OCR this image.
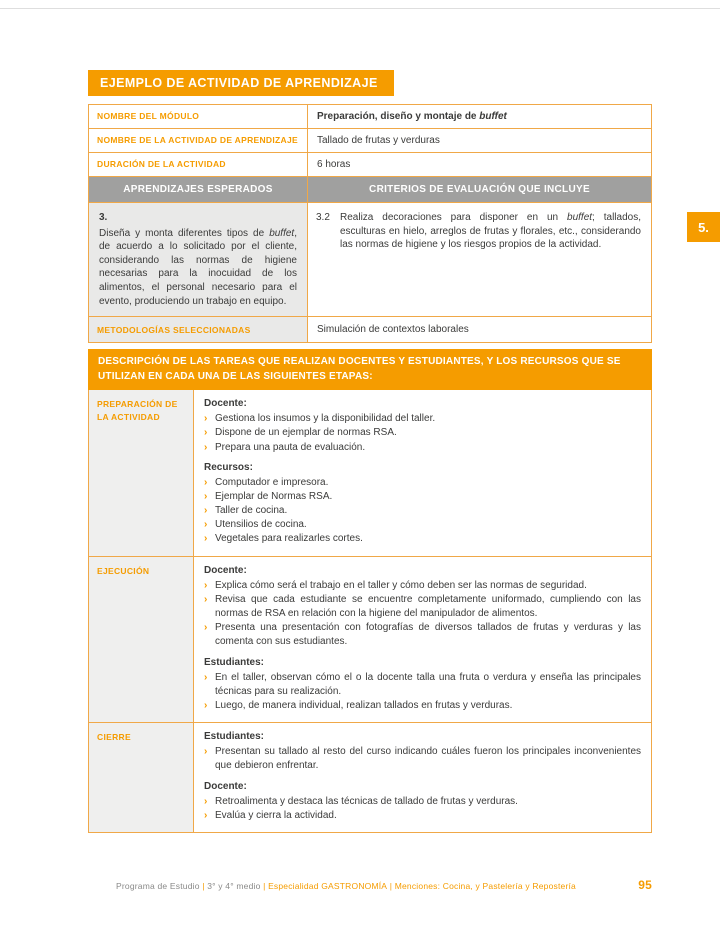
5.
EJEMPLO DE ACTIVIDAD DE APRENDIZAJE
NOMBRE DEL MÓDULO	Preparación, diseño y montaje de buffet
NOMBRE DE LA ACTIVIDAD DE APRENDIZAJE	Tallado de frutas y verduras
DURACIÓN DE LA ACTIVIDAD	6 horas
APRENDIZAJES ESPERADOS	CRITERIOS DE EVALUACIÓN QUE INCLUYE
3.
Diseña y monta diferentes tipos de buffet, de acuerdo a lo solicitado por el cliente, considerando las normas de higiene necesarias para la inocuidad de los alimentos, el personal necesario para el evento, produciendo un trabajo en equipo.
3.2	Realiza decoraciones para disponer en un buffet; tallados, esculturas en hielo, arreglos de frutas y florales, etc., considerando las normas de higiene y los riesgos propios de la actividad.
METODOLOGÍAS SELECCIONADAS	Simulación de contextos laborales
DESCRIPCIÓN DE LAS TAREAS QUE REALIZAN DOCENTES Y ESTUDIANTES, Y LOS RECURSOS QUE SE UTILIZAN EN CADA UNA DE LAS SIGUIENTES ETAPAS:
PREPARACIÓN DE LA ACTIVIDAD
Docente:
› Gestiona los insumos y la disponibilidad del taller.
› Dispone de un ejemplar de normas RSA.
› Prepara una pauta de evaluación.
Recursos:
› Computador e impresora.
› Ejemplar de Normas RSA.
› Taller de cocina.
› Utensilios de cocina.
› Vegetales para realizarles cortes.
EJECUCIÓN	Docente:
› Explica cómo será el trabajo en el taller y cómo deben ser las normas de seguridad.
› Revisa que cada estudiante se encuentre completamente uniformado, cumpliendo con las normas de RSA en relación con la higiene del manipulador de alimentos.
› Presenta una presentación con fotografías de diversos tallados de frutas y verduras y las comenta con sus estudiantes.
Estudiantes:
› En el taller, observan cómo el o la docente talla una fruta o verdura y enseña las principales técnicas para su realización.
› Luego, de manera individual, realizan tallados en frutas y verduras.
CIERRE	Estudiantes:
› Presentan su tallado al resto del curso indicando cuáles fueron los principales inconvenientes que debieron enfrentar.
Docente:
› Retroalimenta y destaca las técnicas de tallado de frutas y verduras.
› Evalúa y cierra la actividad.
Programa de Estudio | 3° y 4° medio | Especialidad GASTRONOMÍA | Menciones: Cocina, y Pastelería y Repostería	95
